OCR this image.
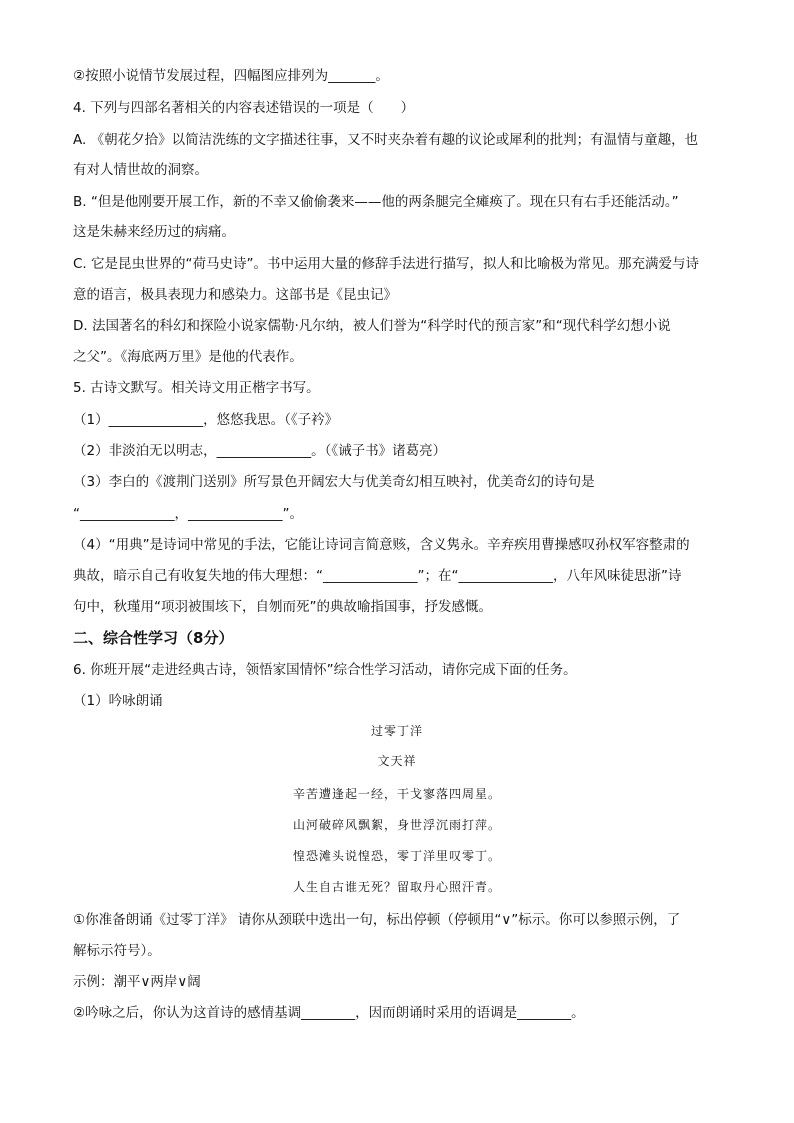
②按照小说情节发展过程，四幅图应排列为_______。
4. 下列与四部名著相关的内容表述错误的一项是（　　）
A. 《朝花夕拾》以简洁洗练的文字描述往事，又不时夹杂着有趣的议论或犀利的批判；有温情与童趣，也
有对人情世故的洞察。
B. “但是他刚要开展工作，新的不幸又偷偷袭来——他的两条腿完全瘫痪了。现在只有右手还能活动。”
这是朱赫来经历过的病痛。
C. 它是昆虫世界的“荷马史诗”。书中运用大量的修辞手法进行描写，拟人和比喻极为常见。那充满爱与诗
意的语言，极具表现力和感染力。这部书是《昆虫记》
D. 法国著名的科幻和探险小说家儒勒·凡尔纳，被人们誉为“科学时代的预言家”和“现代科学幻想小说
之父”。《海底两万里》是他的代表作。
5. 古诗文默写。相关诗文用正楷字书写。
（1）______________，悠悠我思。（《子衿》
（2）非淡泊无以明志，______________。（《诫子书》诸葛亮）
（3）李白的《渡荆门送别》所写景色开阔宏大与优美奇幻相互映衬，优美奇幻的诗句是
“______________，______________”。
（4）“用典”是诗词中常见的手法，它能让诗词言简意赅，含义隽永。辛弃疾用曹操感叹孙权军容整肃的
典故，暗示自己有收复失地的伟大理想：“______________”；在“______________，八年风味徒思浙”诗
句中，秋瑾用“项羽被围垓下，自刎而死”的典故喻指国事，抒发感慨。
二、综合性学习（8分）
6. 你班开展“走进经典古诗，领悟家国情怀”综合性学习活动，请你完成下面的任务。
（1）吟咏朗诵
过零丁洋
文天祥
辛苦遭逢起一经，干戈寥落四周星。
山河破碎风飘絮，身世浮沉雨打萍。
惶恐滩头说惶恐，零丁洋里叹零丁。
人生自古谁无死？留取丹心照汗青。
①你准备朗诵《过零丁洋》 请你从颈联中选出一句，标出停顿（停顿用“∨”标示。你可以参照示例，了
解标示符号）。
示例：潮平∨两岸∨阔
②吟咏之后，你认为这首诗的感情基调________，因而朗诵时采用的语调是________。
